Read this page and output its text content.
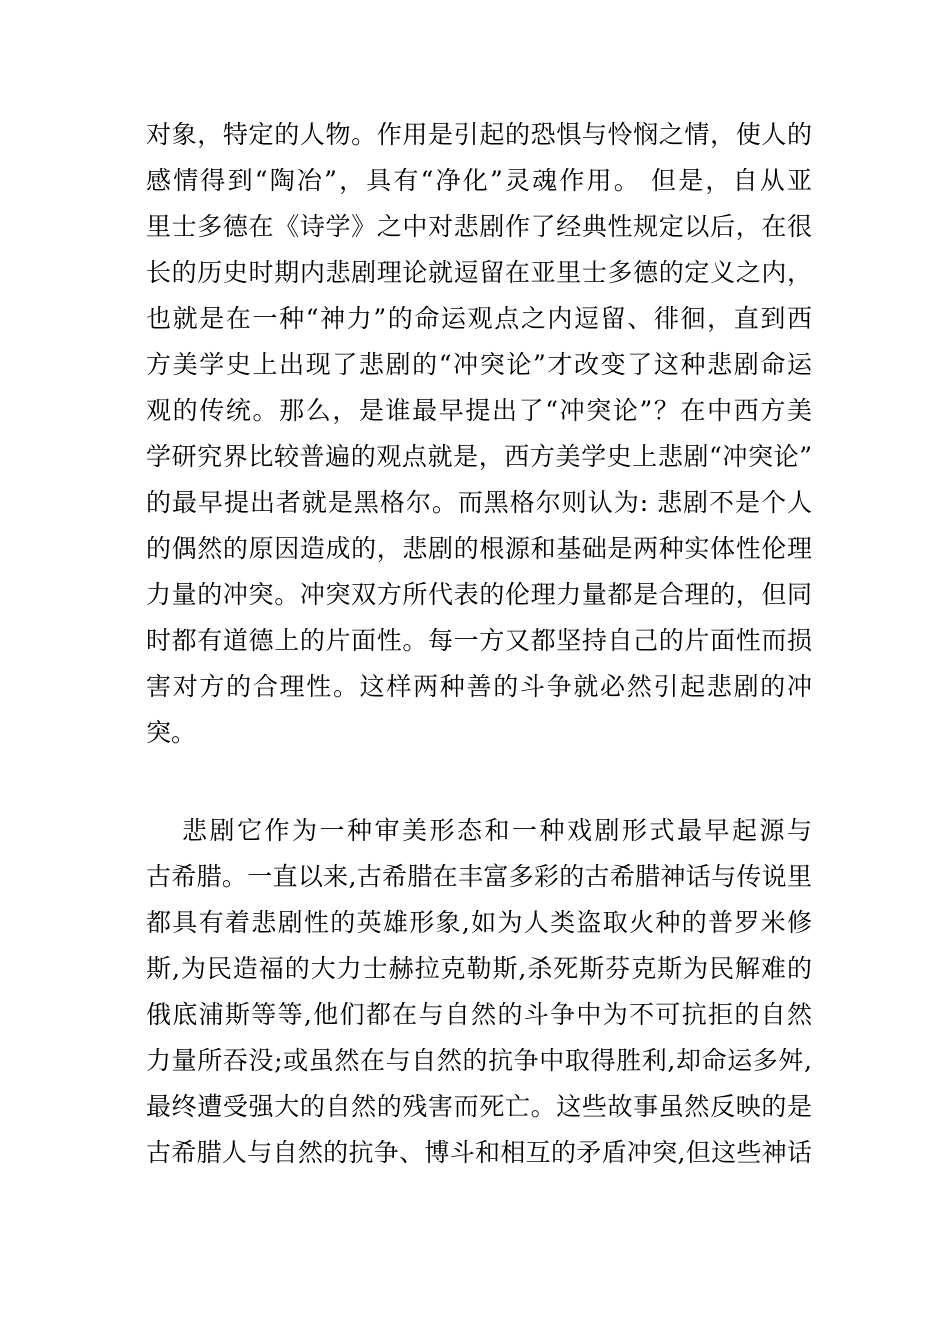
对象，特定的人物。作用是引起的恐惧与怜悯之情，使人的
感情得到“陶冶”，具有“净化”灵魂作用。 但是，自从亚
里士多德在《诗学》之中对悲剧作了经典性规定以后，在很
长的历史时期内悲剧理论就逗留在亚里士多德的定义之内，
也就是在一种“神力”的命运观点之内逗留、徘徊，直到西
方美学史上出现了悲剧的“冲突论”才改变了这种悲剧命运
观的传统。那么，是谁最早提出了“冲突论”？在中西方美
学研究界比较普遍的观点就是，西方美学史上悲剧“冲突论”
的最早提出者就是黑格尔。而黑格尔则认为: 悲剧不是个人
的偶然的原因造成的，悲剧的根源和基础是两种实体性伦理
力量的冲突。冲突双方所代表的伦理力量都是合理的，但同
时都有道德上的片面性。每一方又都坚持自己的片面性而损
害对方的合理性。这样两种善的斗争就必然引起悲剧的冲
突。
悲剧它作为一种审美形态和一种戏剧形式最早起源与
古希腊。一直以来,古希腊在丰富多彩的古希腊神话与传说里
都具有着悲剧性的英雄形象,如为人类盗取火种的普罗米修
斯,为民造福的大力士赫拉克勒斯,杀死斯芬克斯为民解难的
俄底浦斯等等,他们都在与自然的斗争中为不可抗拒的自然
力量所吞没;或虽然在与自然的抗争中取得胜利,却命运多舛,
最终遭受强大的自然的残害而死亡。这些故事虽然反映的是
古希腊人与自然的抗争、博斗和相互的矛盾冲突,但这些神话
